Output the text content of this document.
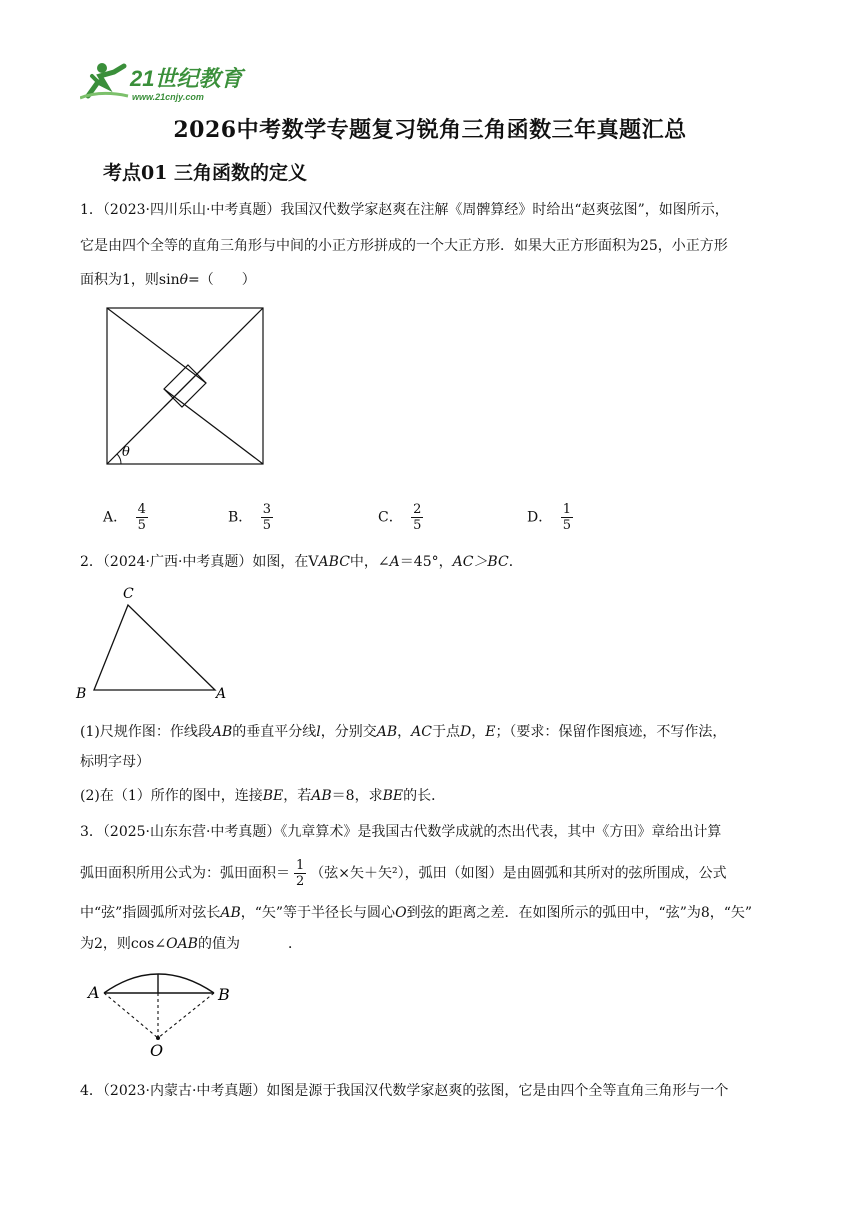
21世纪教育
www.21cnjy.com
2026中考数学专题复习锐角三角函数三年真题汇总
考点01 三角函数的定义
1．（2023·四川乐山·中考真题）我国汉代数学家赵爽在注解《周髀算经》时给出“赵爽弦图”，如图所示，
它是由四个全等的直角三角形与中间的小正方形拼成的一个大正方形．如果大正方形面积为25，小正方形
面积为1，则sinθ=（　　）
θ
A． $\frac{4}{5}$	B． $\frac{3}{5}$	C． $\frac{2}{5}$	D． $\frac{1}{5}$
2．（2024·广西·中考真题）如图，在VABC中，∠A＝45°，AC＞BC．
C
B	A
(1)尺规作图：作线段AB的垂直平分线l，分别交AB，AC于点D，E；（要求：保留作图痕迹，不写作法，
标明字母）
(2)在（1）所作的图中，连接BE，若AB＝8，求BE的长．
3．（2025·山东东营·中考真题）《九章算术》是我国古代数学成就的杰出代表，其中《方田》章给出计算
弧田面积所用公式为：弧田面积＝ $\frac{1}{2}$ （弦×矢＋矢²），弧田（如图）是由圆弧和其所对的弦所围成，公式
中“弦”指圆弧所对弦长AB，“矢”等于半径长与圆心O到弦的距离之差．在如图所示的弧田中，“弦”为8，“矢”
为2，则cos∠OAB的值为	．
A	B
O
4．（2023·内蒙古·中考真题）如图是源于我国汉代数学家赵爽的弦图，它是由四个全等直角三角形与一个
